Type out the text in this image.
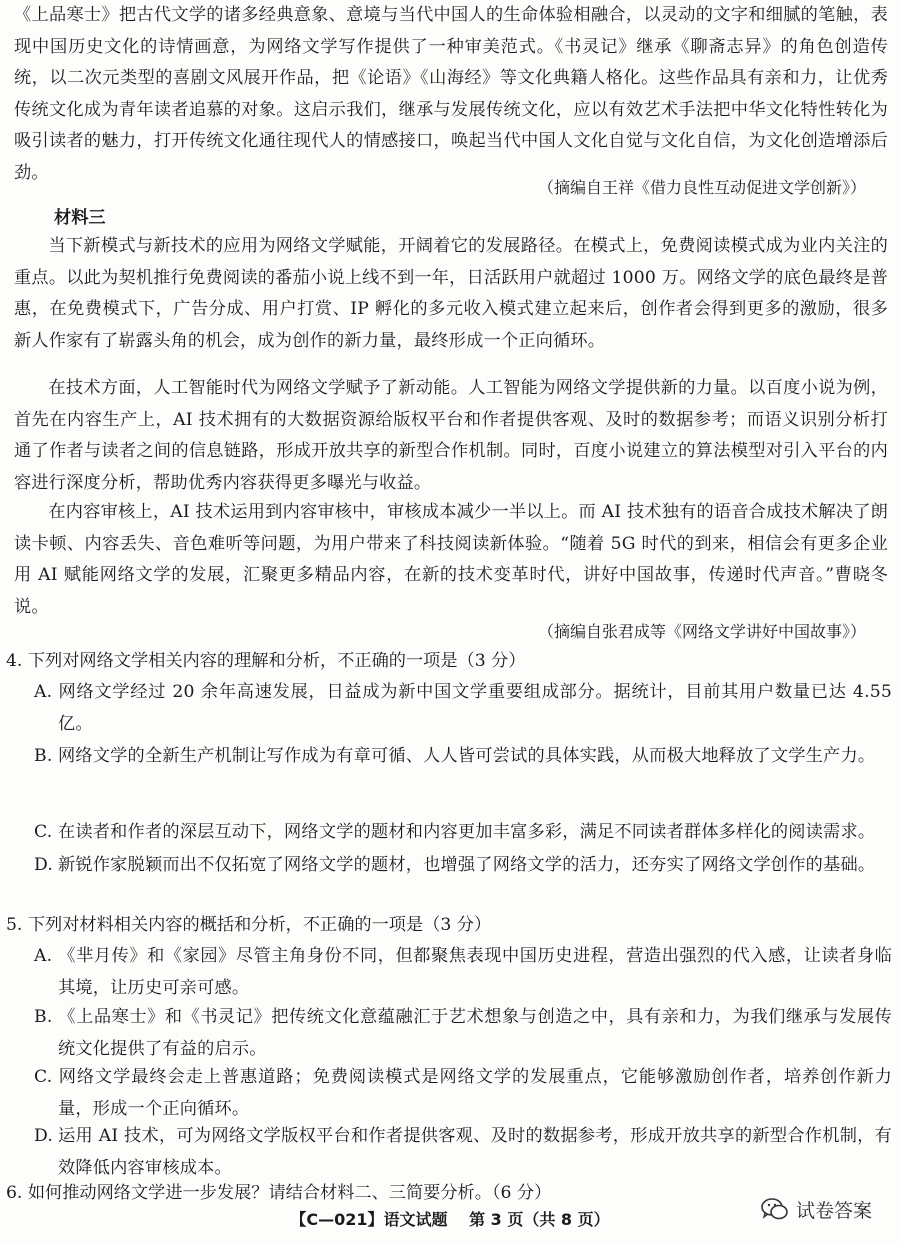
《上品寒士》把古代文学的诸多经典意象、意境与当代中国人的生命体验相融合，以灵动的文字和细腻的笔触，表现中国历史文化的诗情画意，为网络文学写作提供了一种审美范式。《书灵记》继承《聊斋志异》的角色创造传统，以二次元类型的喜剧文风展开作品，把《论语》《山海经》等文化典籍人格化。这些作品具有亲和力，让优秀传统文化成为青年读者追慕的对象。这启示我们，继承与发展传统文化，应以有效艺术手法把中华文化特性转化为吸引读者的魅力，打开传统文化通往现代人的情感接口，唤起当代中国人文化自觉与文化自信，为文化创造增添后劲。

（摘编自王祥《借力良性互动促进文学创新》）

材料三

当下新模式与新技术的应用为网络文学赋能，开阔着它的发展路径。在模式上，免费阅读模式成为业内关注的重点。以此为契机推行免费阅读的番茄小说上线不到一年，日活跃用户就超过 1000 万。网络文学的底色最终是普惠，在免费模式下，广告分成、用户打赏、IP 孵化的多元收入模式建立起来后，创作者会得到更多的激励，很多新人作家有了崭露头角的机会，成为创作的新力量，最终形成一个正向循环。

在技术方面，人工智能时代为网络文学赋予了新动能。人工智能为网络文学提供新的力量。以百度小说为例，首先在内容生产上，AI 技术拥有的大数据资源给版权平台和作者提供客观、及时的数据参考；而语义识别分析打通了作者与读者之间的信息链路，形成开放共享的新型合作机制。同时，百度小说建立的算法模型对引入平台的内容进行深度分析，帮助优秀内容获得更多曝光与收益。

在内容审核上，AI 技术运用到内容审核中，审核成本减少一半以上。而 AI 技术独有的语音合成技术解决了朗读卡顿、内容丢失、音色难听等问题，为用户带来了科技阅读新体验。“随着 5G 时代的到来，相信会有更多企业用 AI 赋能网络文学的发展，汇聚更多精品内容，在新的技术变革时代，讲好中国故事，传递时代声音。”曹晓冬说。

（摘编自张君成等《网络文学讲好中国故事》）

4. 下列对网络文学相关内容的理解和分析，不正确的一项是（3 分）

A. 网络文学经过 20 余年高速发展，日益成为新中国文学重要组成部分。据统计，目前其用户数量已达 4.55 亿。

B. 网络文学的全新生产机制让写作成为有章可循、人人皆可尝试的具体实践，从而极大地释放了文学生产力。

C. 在读者和作者的深层互动下，网络文学的题材和内容更加丰富多彩，满足不同读者群体多样化的阅读需求。

D. 新锐作家脱颖而出不仅拓宽了网络文学的题材，也增强了网络文学的活力，还夯实了网络文学创作的基础。

5. 下列对材料相关内容的概括和分析，不正确的一项是（3 分）

A. 《芈月传》和《家园》尽管主角身份不同，但都聚焦表现中国历史进程，营造出强烈的代入感，让读者身临其境，让历史可亲可感。

B. 《上品寒士》和《书灵记》把传统文化意蕴融汇于艺术想象与创造之中，具有亲和力，为我们继承与发展传统文化提供了有益的启示。

C. 网络文学最终会走上普惠道路；免费阅读模式是网络文学的发展重点，它能够激励创作者，培养创作新力量，形成一个正向循环。

D. 运用 AI 技术，可为网络文学版权平台和作者提供客观、及时的数据参考，形成开放共享的新型合作机制，有效降低内容审核成本。

6. 如何推动网络文学进一步发展？请结合材料二、三简要分析。（6 分）

【C—021】语文试题　 第 3 页（共 8 页）	试卷答案
